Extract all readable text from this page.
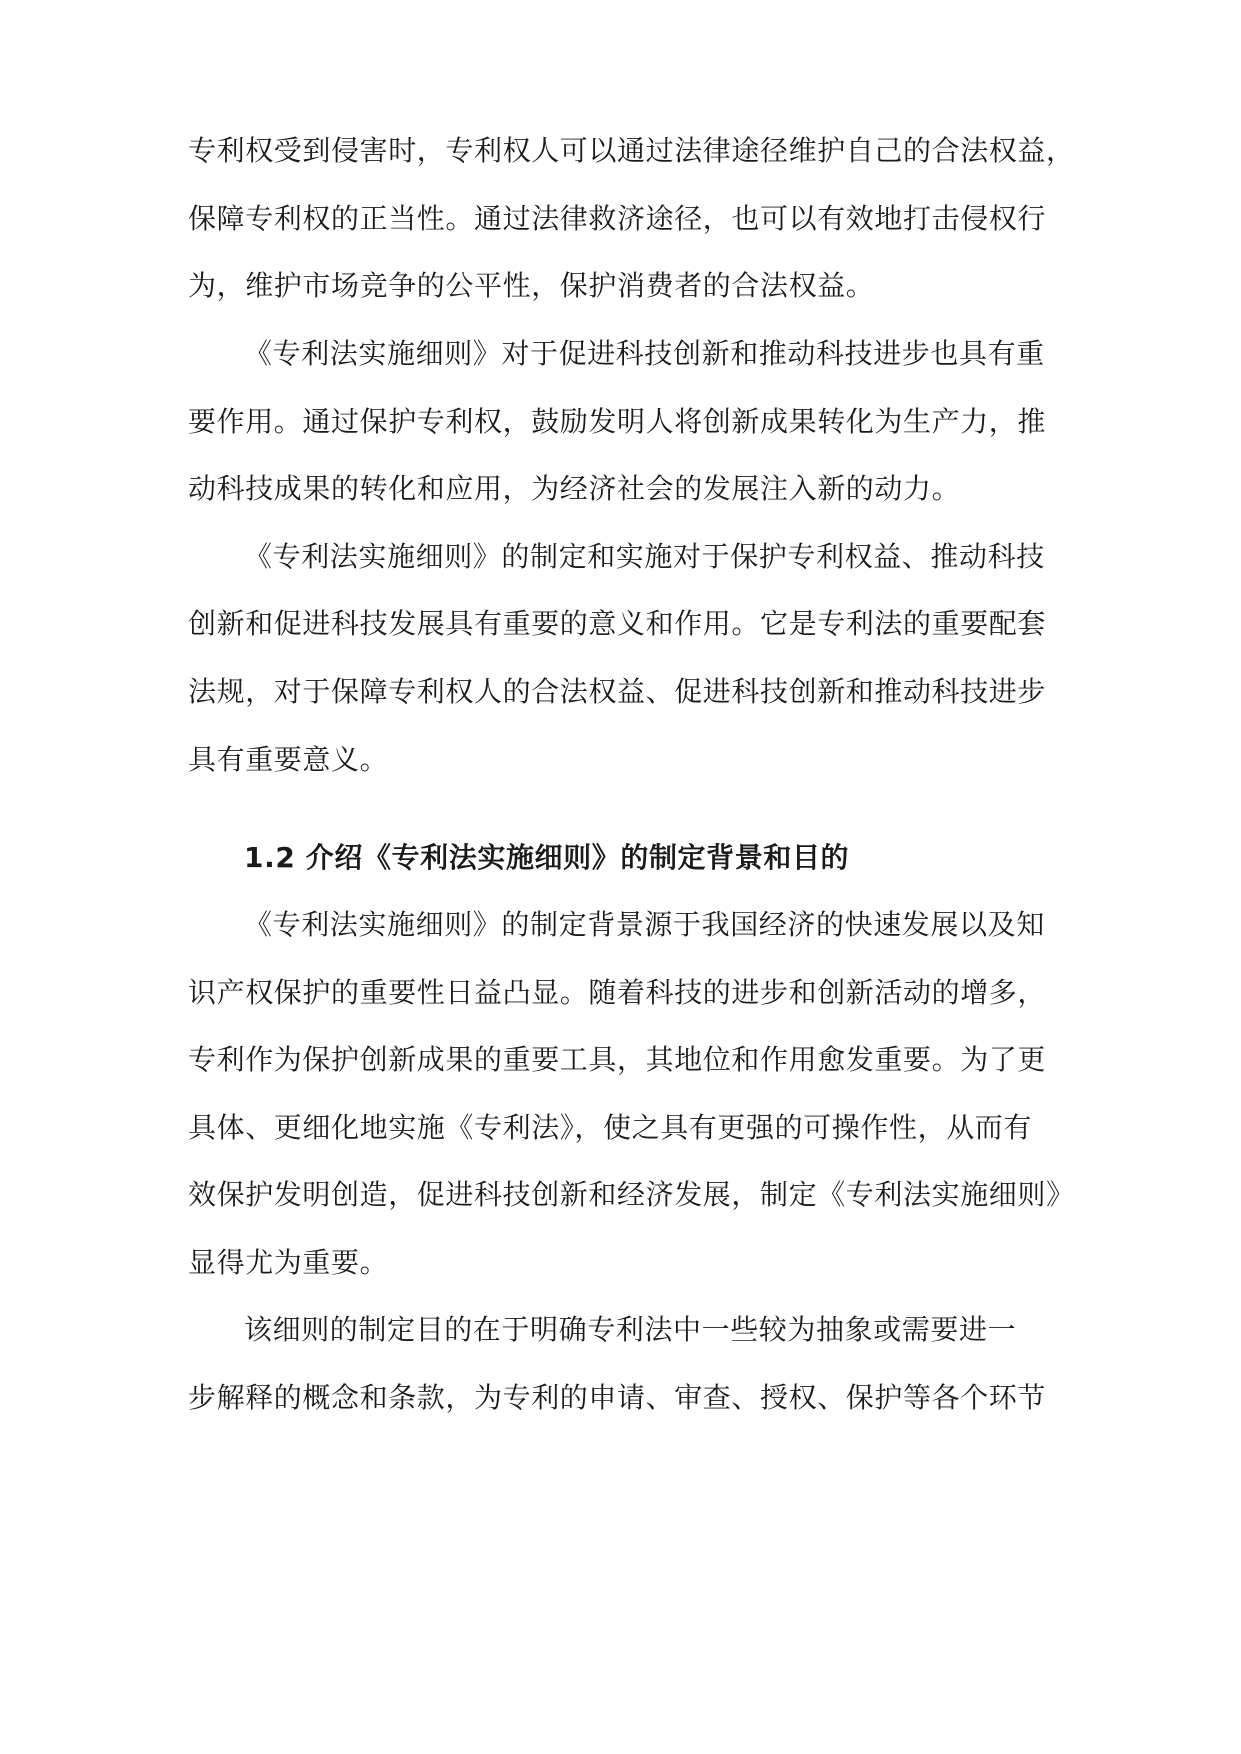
专利权受到侵害时，专利权人可以通过法律途径维护自己的合法权益，
保障专利权的正当性。通过法律救济途径，也可以有效地打击侵权行
为，维护市场竞争的公平性，保护消费者的合法权益。
《专利法实施细则》对于促进科技创新和推动科技进步也具有重
要作用。通过保护专利权，鼓励发明人将创新成果转化为生产力，推
动科技成果的转化和应用，为经济社会的发展注入新的动力。
《专利法实施细则》的制定和实施对于保护专利权益、推动科技
创新和促进科技发展具有重要的意义和作用。它是专利法的重要配套
法规，对于保障专利权人的合法权益、促进科技创新和推动科技进步
具有重要意义。
1.2 介绍《专利法实施细则》的制定背景和目的
《专利法实施细则》的制定背景源于我国经济的快速发展以及知
识产权保护的重要性日益凸显。随着科技的进步和创新活动的增多，
专利作为保护创新成果的重要工具，其地位和作用愈发重要。为了更
具体、更细化地实施《专利法》，使之具有更强的可操作性，从而有
效保护发明创造，促进科技创新和经济发展，制定《专利法实施细则》
显得尤为重要。
该细则的制定目的在于明确专利法中一些较为抽象或需要进一
步解释的概念和条款，为专利的申请、审查、授权、保护等各个环节
